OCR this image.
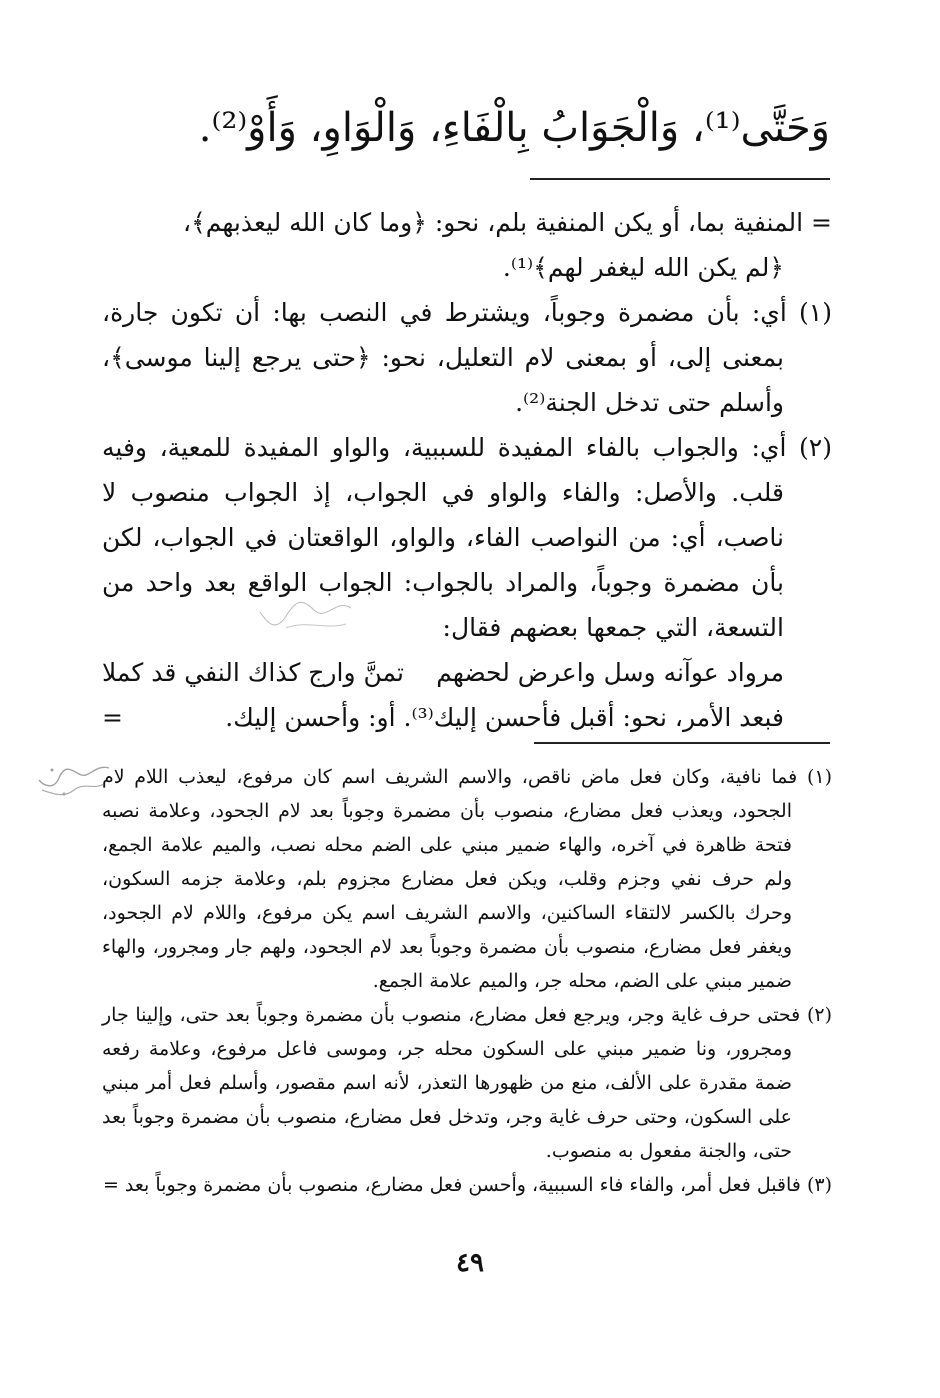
وَحَتَّى⁽¹⁾، وَالْجَوَابُ بِالْفَاءِ، وَالْوَاوِ، وَأَوْ⁽²⁾.

= المنفية بما، أو يكن المنفية بلم، نحو: ﴿وما كان الله ليعذبهم﴾،

﴿لم يكن الله ليغفر لهم﴾⁽¹⁾.

(١) أي: بأن مضمرة وجوباً، ويشترط في النصب بها: أن تكون جارة، بمعنى إلى، أو بمعنى لام التعليل، نحو: ﴿حتى يرجع إلينا موسى﴾، وأسلم حتى تدخل الجنة⁽²⁾.

(٢) أي: والجواب بالفاء المفيدة للسببية، والواو المفيدة للمعية، وفيه قلب. والأصل: والفاء والواو في الجواب، إذ الجواب منصوب لا ناصب، أي: من النواصب الفاء، والواو، الواقعتان في الجواب، لكن بأن مضمرة وجوباً، والمراد بالجواب: الجواب الواقع بعد واحد من التسعة، التي جمعها بعضهم فقال:

مرواد عوآنه وسل واعرض لحضهم
تمنَّ وارج كذاك النفي قد كملا
فبعد الأمر، نحو: أقبل فأحسن إليك⁽³⁾. أو: وأحسن إليك.
=

(١) فما نافية، وكان فعل ماض ناقص، والاسم الشريف اسم كان مرفوع، ليعذب اللام لام الجحود، ويعذب فعل مضارع، منصوب بأن مضمرة وجوباً بعد لام الجحود، وعلامة نصبه فتحة ظاهرة في آخره، والهاء ضمير مبني على الضم محله نصب، والميم علامة الجمع، ولم حرف نفي وجزم وقلب، ويكن فعل مضارع مجزوم بلم، وعلامة جزمه السكون، وحرك بالكسر لالتقاء الساكنين، والاسم الشريف اسم يكن مرفوع، واللام لام الجحود، ويغفر فعل مضارع، منصوب بأن مضمرة وجوباً بعد لام الجحود، ولهم جار ومجرور، والهاء ضمير مبني على الضم، محله جر، والميم علامة الجمع.

(٢) فحتى حرف غاية وجر، ويرجع فعل مضارع، منصوب بأن مضمرة وجوباً بعد حتى، وإلينا جار ومجرور، ونا ضمير مبني على السكون محله جر، وموسى فاعل مرفوع، وعلامة رفعه ضمة مقدرة على الألف، منع من ظهورها التعذر، لأنه اسم مقصور، وأسلم فعل أمر مبني على السكون، وحتى حرف غاية وجر، وتدخل فعل مضارع، منصوب بأن مضمرة وجوباً بعد حتى، والجنة مفعول به منصوب.

(٣) فاقبل فعل أمر، والفاء فاء السببية، وأحسن فعل مضارع، منصوب بأن مضمرة وجوباً بعد =

٤٩
